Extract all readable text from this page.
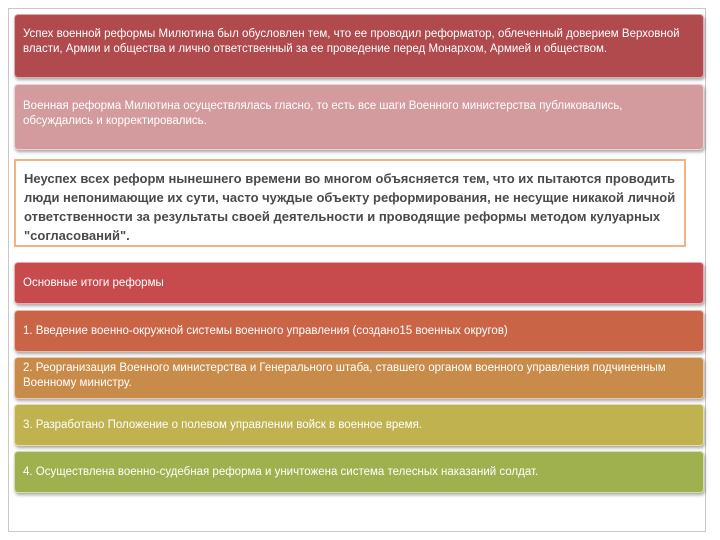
Успех военной реформы Милютина был обусловлен тем, что ее проводил реформатор, облеченный доверием Верховной власти, Армии и общества и лично ответственный за ее проведение перед Монархом, Армией и обществом.
Военная реформа Милютина осуществлялась гласно, то есть все шаги Военного министерства публиковались, обсуждались и корректировались.
Неуспех всех реформ нынешнего времени во многом объясняется тем, что их пытаются проводить люди непонимающие их сути, часто чуждые объекту реформирования, не несущие никакой личной ответственности за результаты своей деятельности и проводящие реформы методом кулуарных "согласований".
Основные итоги реформы
1. Введение военно-окружной системы военного управления (создано15 военных округов)
2. Реорганизация Военного министерства и Генерального штаба, ставшего органом военного управления подчиненным Военному министру.
3. Разработано Положение о полевом управлении войск в военное время.
4. Осуществлена военно-судебная реформа и уничтожена система телесных наказаний солдат.
